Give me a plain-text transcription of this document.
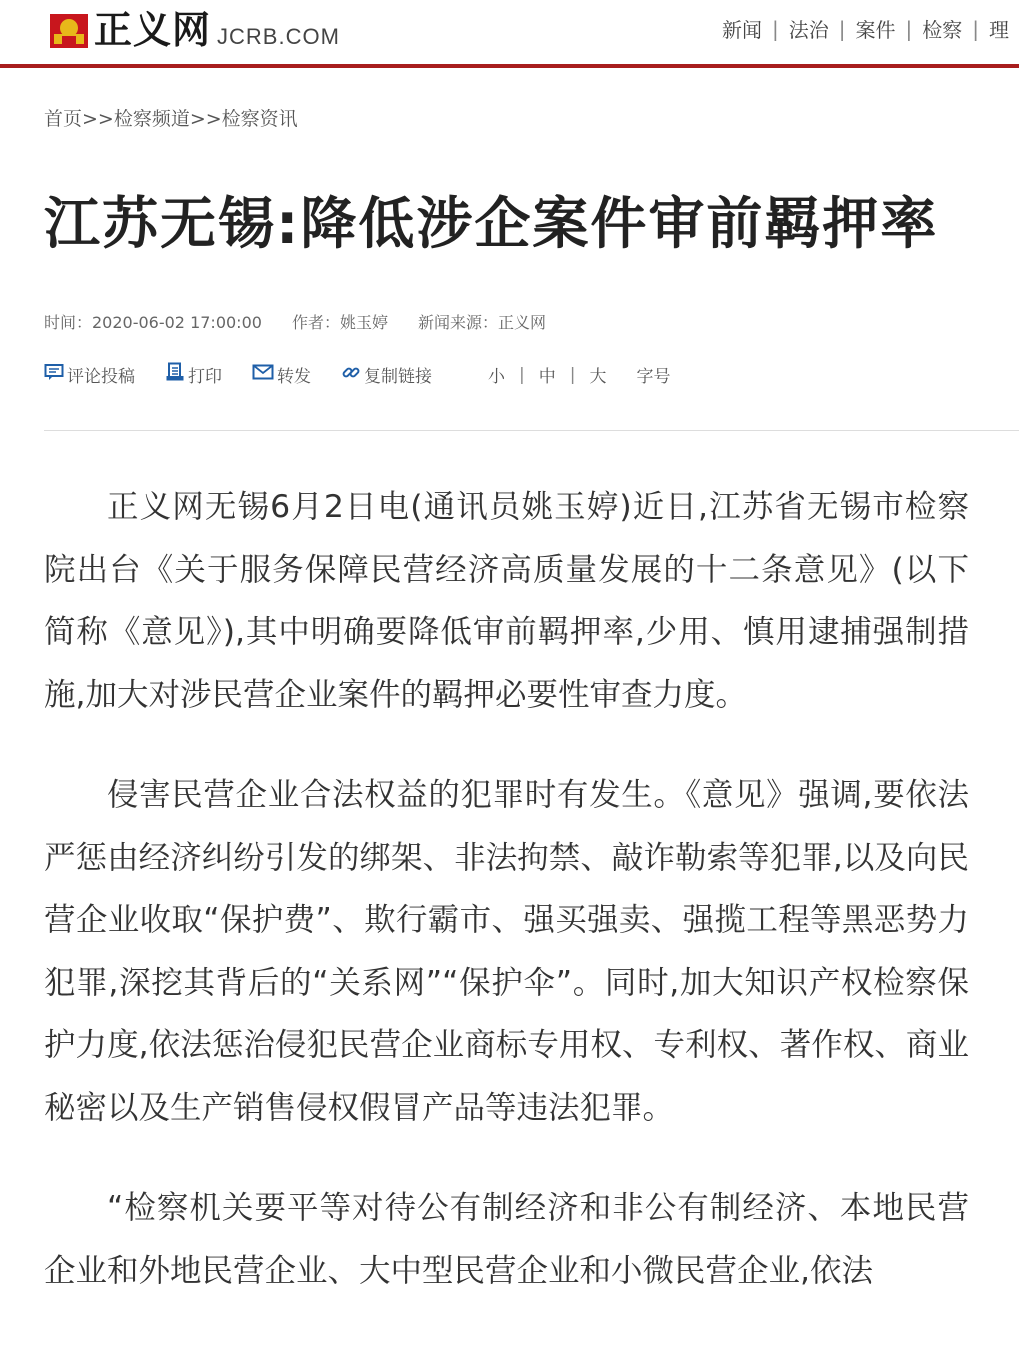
正义网 JCRB.COM	新闻 | 法治 | 案件 | 检察 | 理
首页>>检察频道>>检察资讯
江苏无锡:降低涉企案件审前羁押率
时间：2020-06-02 17:00:00 作者：姚玉婷 新闻来源：正义网
评论投稿	打印	转发	复制链接	小 | 中 | 大	字号

正义网无锡6月2日电(通讯员姚玉婷)近日,江苏省无锡市检察院出台《关于服务保障民营经济高质量发展的十二条意见》(以下简称《意见》),其中明确要降低审前羁押率,少用、慎用逮捕强制措施,加大对涉民营企业案件的羁押必要性审查力度。

侵害民营企业合法权益的犯罪时有发生。《意见》强调,要依法严惩由经济纠纷引发的绑架、非法拘禁、敲诈勒索等犯罪,以及向民营企业收取“保护费”、欺行霸市、强买强卖、强揽工程等黑恶势力犯罪,深挖其背后的“关系网”“保护伞”。同时,加大知识产权检察保护力度,依法惩治侵犯民营企业商标专用权、专利权、著作权、商业秘密以及生产销售侵权假冒产品等违法犯罪。

“检察机关要平等对待公有制经济和非公有制经济、本地民营企业和外地民营企业、大中型民营企业和小微民营企业,依法
